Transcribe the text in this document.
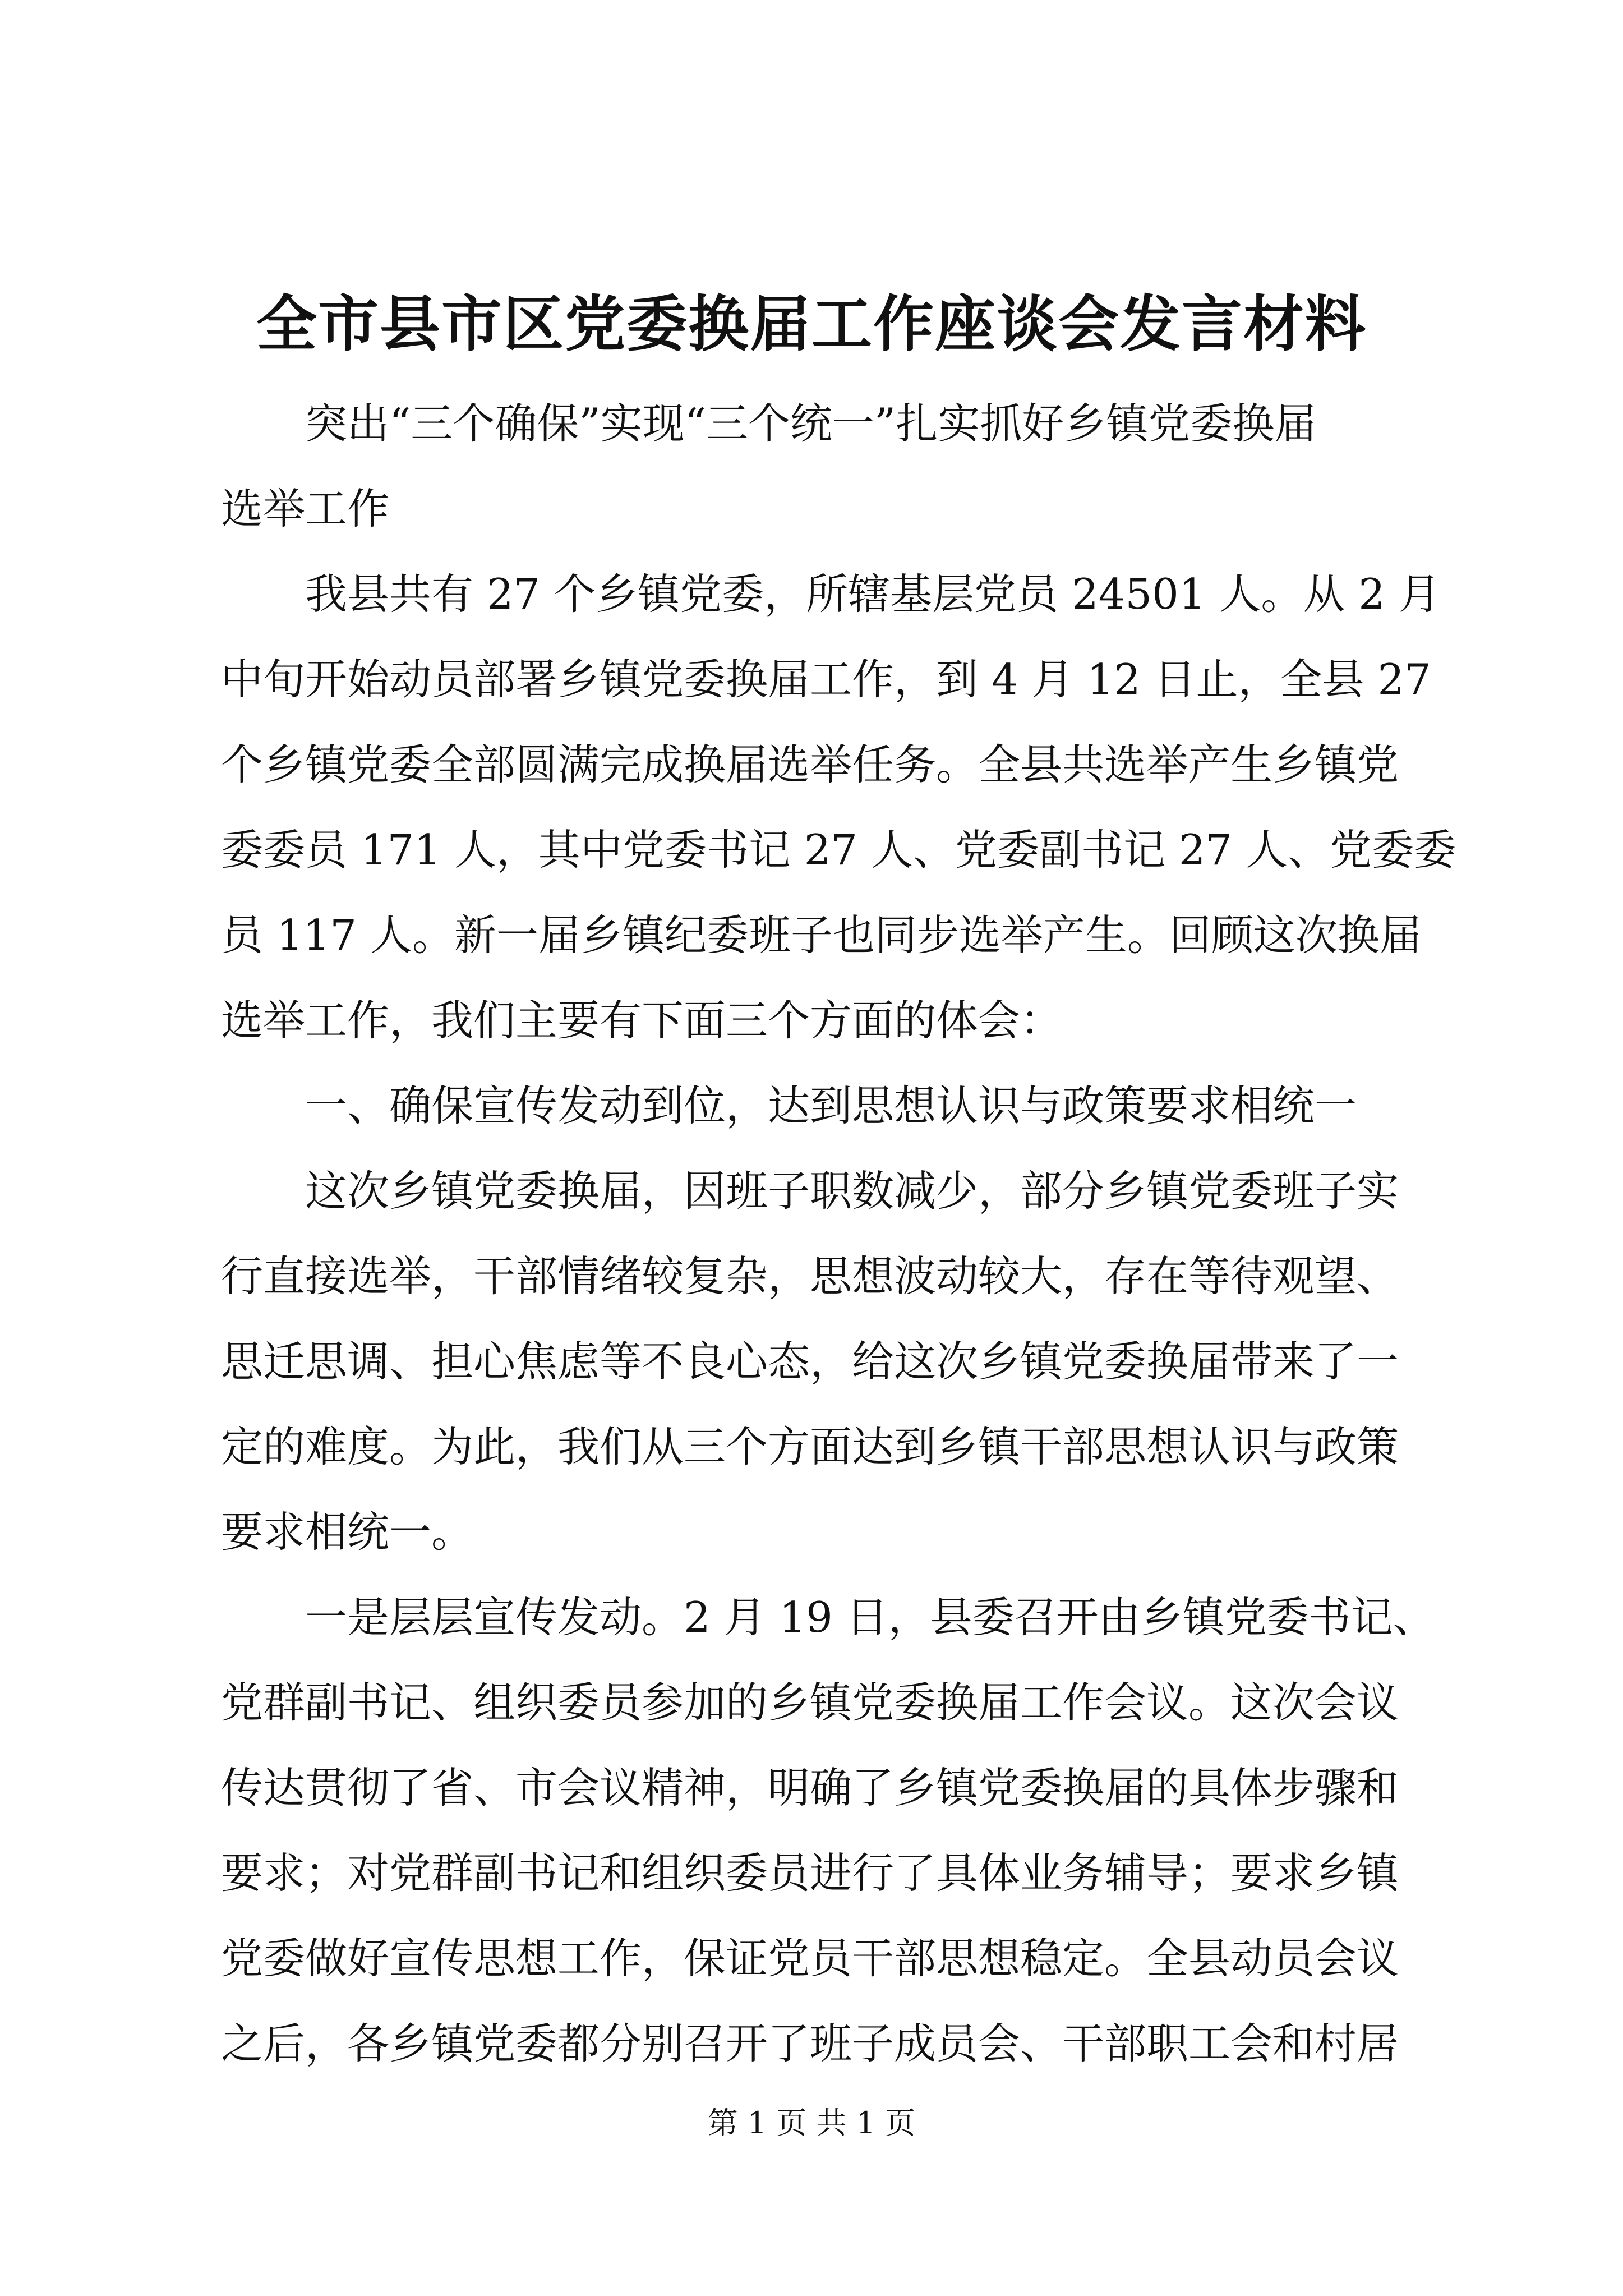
全市县市区党委换届工作座谈会发言材料
　　突出“三个确保”实现“三个统一”扎实抓好乡镇党委换届
选举工作
　　我县共有 27 个乡镇党委，所辖基层党员 24501 人。从 2 月
中旬开始动员部署乡镇党委换届工作，到 4 月 12 日止，全县 27
个乡镇党委全部圆满完成换届选举任务。全县共选举产生乡镇党
委委员 171 人，其中党委书记 27 人、党委副书记 27 人、党委委
员 117 人。新一届乡镇纪委班子也同步选举产生。回顾这次换届
选举工作，我们主要有下面三个方面的体会：
　　一、确保宣传发动到位，达到思想认识与政策要求相统一
　　这次乡镇党委换届，因班子职数减少，部分乡镇党委班子实
行直接选举，干部情绪较复杂，思想波动较大，存在等待观望、
思迁思调、担心焦虑等不良心态，给这次乡镇党委换届带来了一
定的难度。为此，我们从三个方面达到乡镇干部思想认识与政策
要求相统一。
　　一是层层宣传发动。2 月 19 日，县委召开由乡镇党委书记、
党群副书记、组织委员参加的乡镇党委换届工作会议。这次会议
传达贯彻了省、市会议精神，明确了乡镇党委换届的具体步骤和
要求；对党群副书记和组织委员进行了具体业务辅导；要求乡镇
党委做好宣传思想工作，保证党员干部思想稳定。全县动员会议
之后，各乡镇党委都分别召开了班子成员会、干部职工会和村居
第 1 页 共 1 页
